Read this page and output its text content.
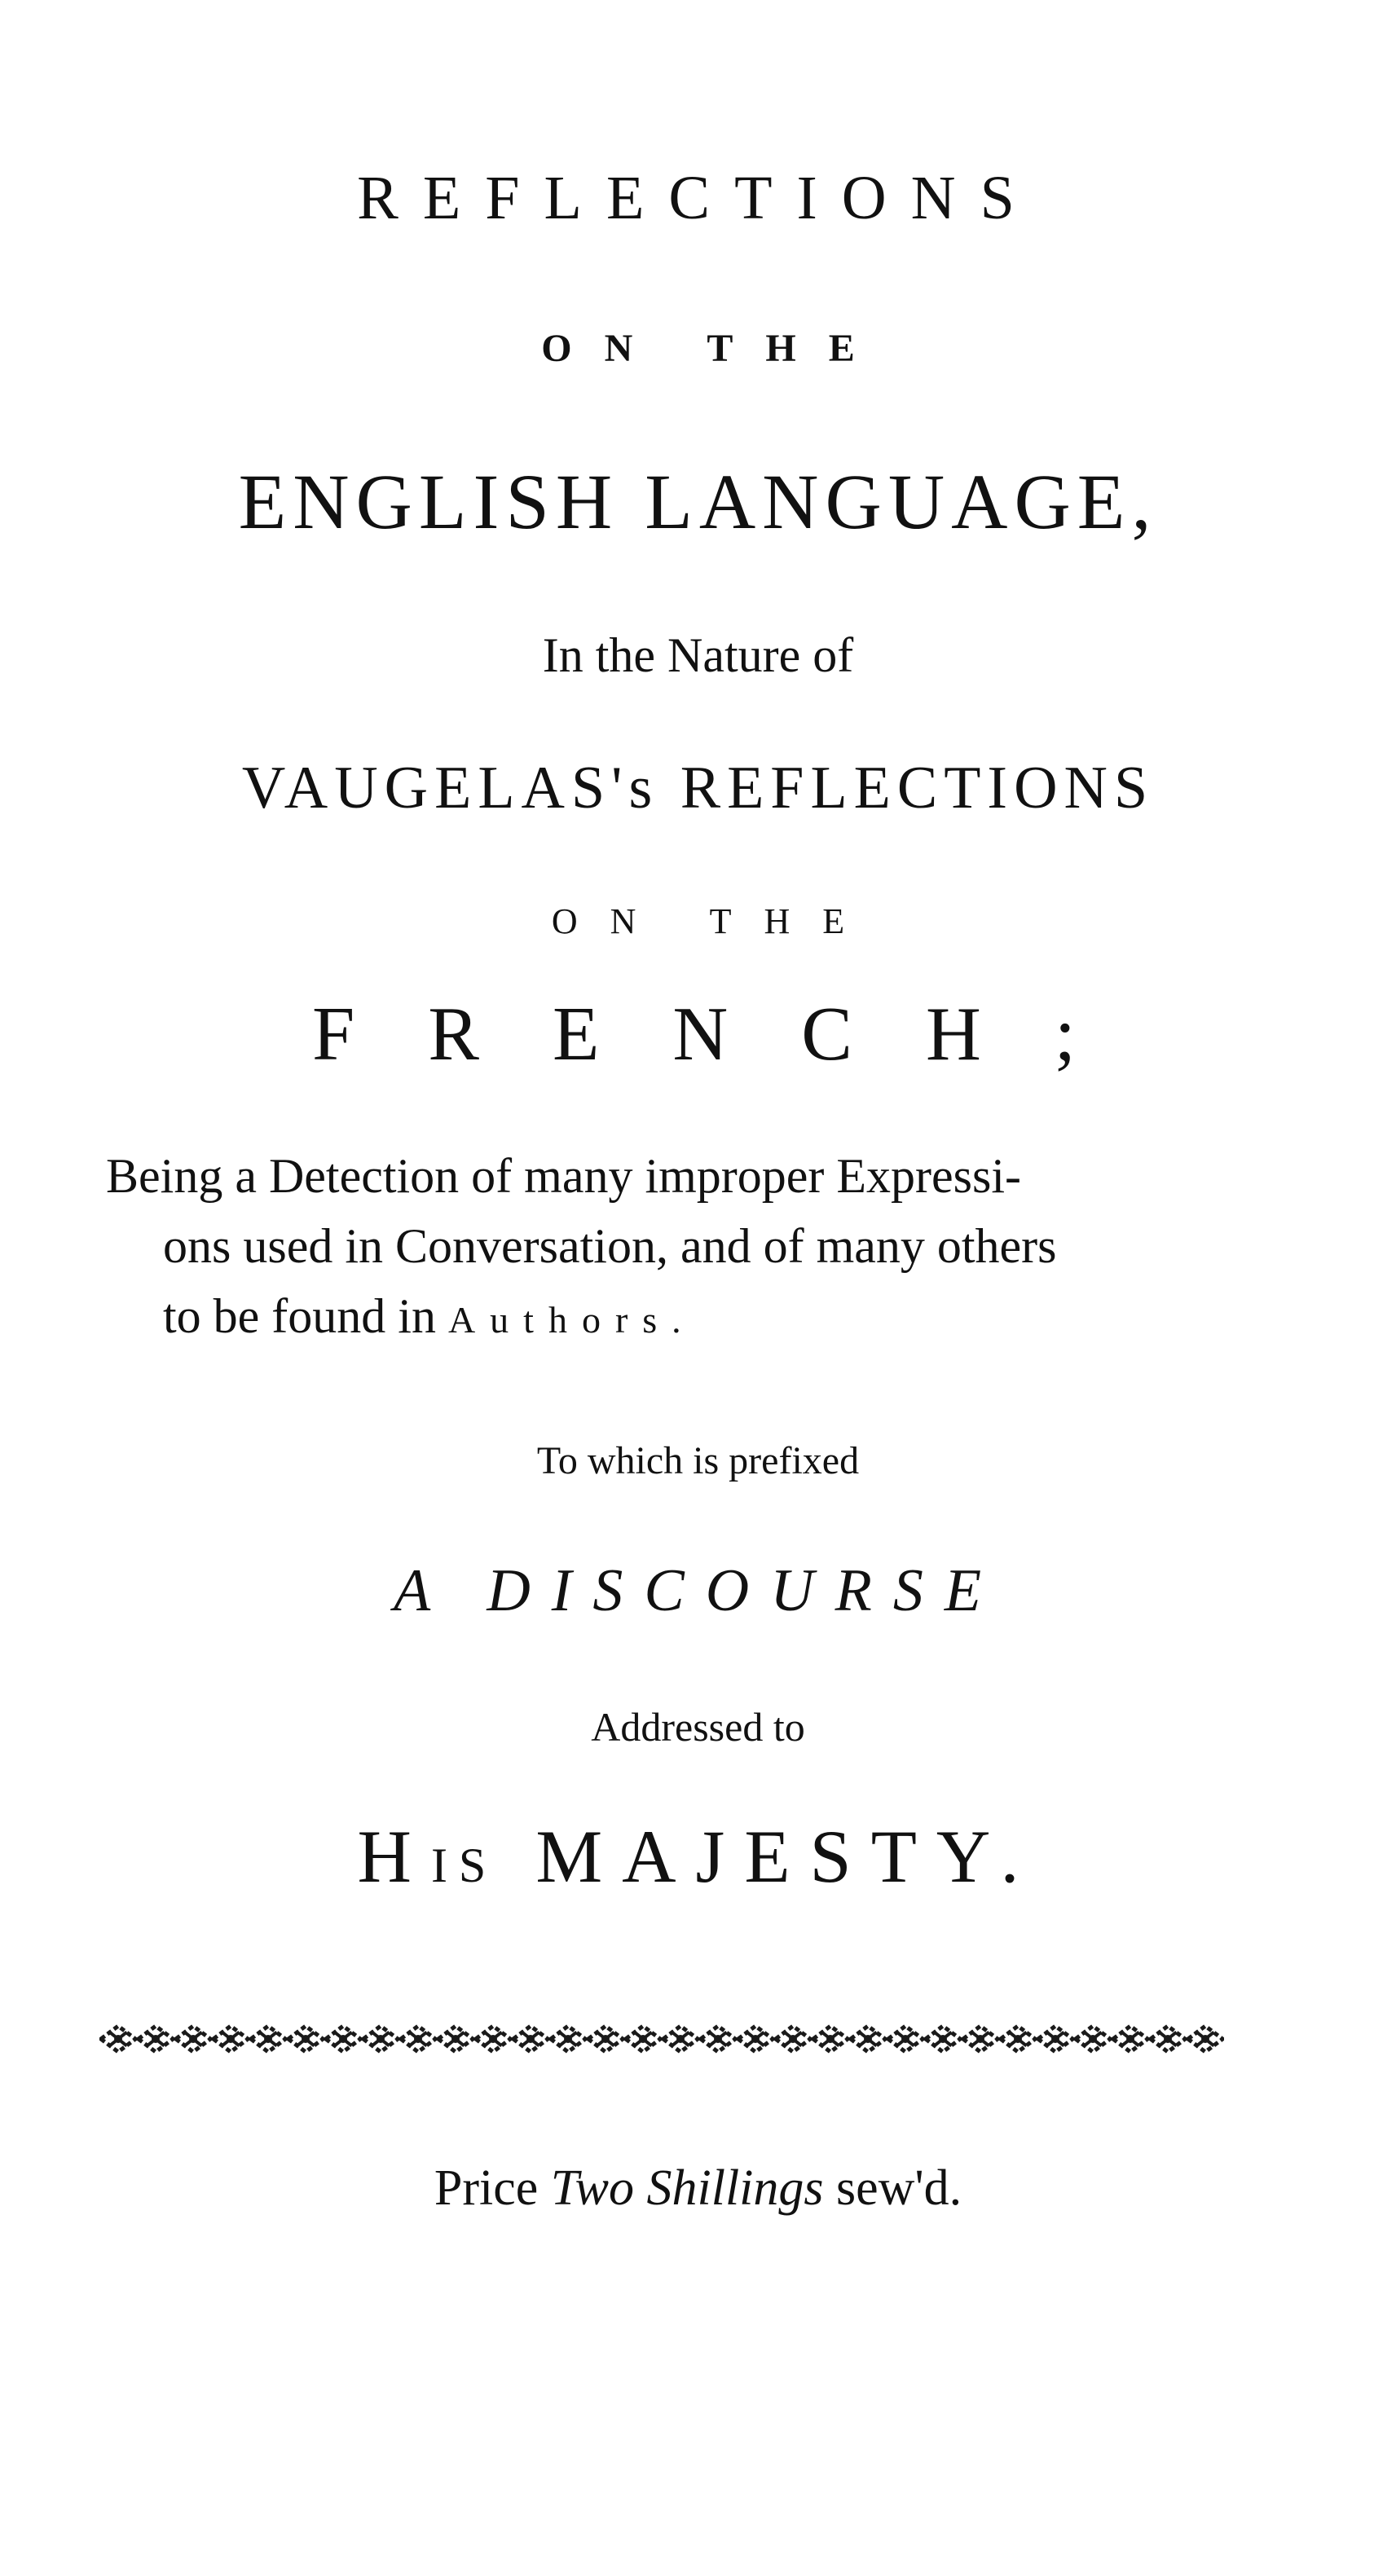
REFLECTIONS
ON THE
ENGLISH LANGUAGE,
In the Nature of
VAUGELAS's REFLECTIONS
ON THE
FRENCH;
Being a Detection of many improper Expressi-
ons used in Conversation, and of many others
to be found in Authors.
To which is prefixed
A DISCOURSE
Addressed to
HIS MAJESTY.
Price Two Shillings sew'd.
